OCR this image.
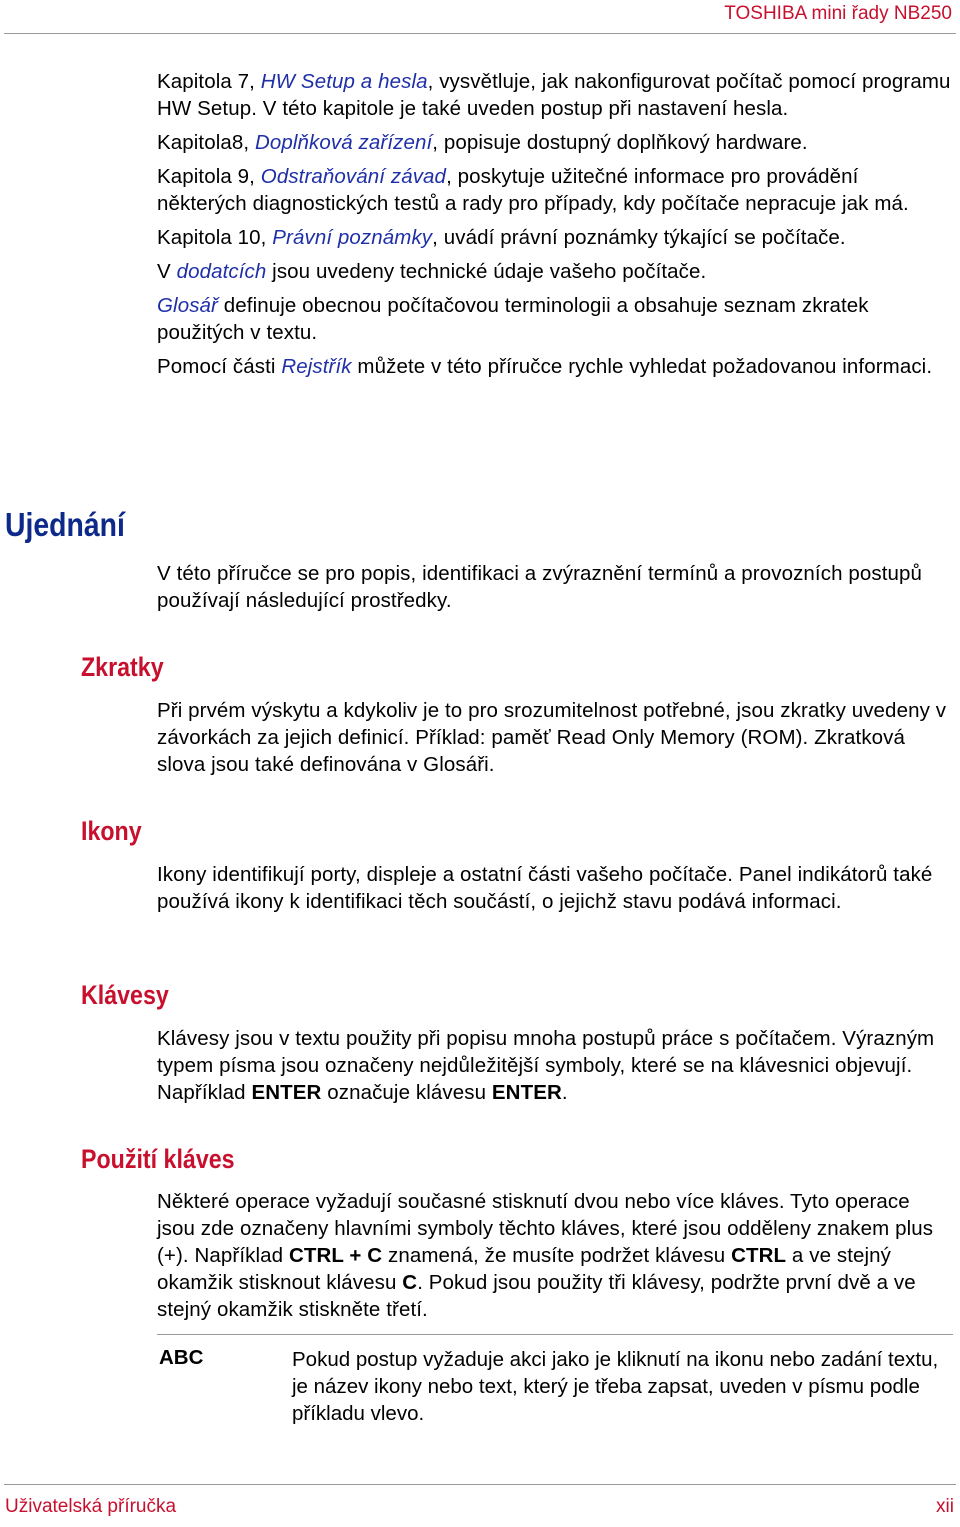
TOSHIBA mini řady NB250

Kapitola 7, HW Setup a hesla, vysvětluje, jak nakonfigurovat počítač pomocí programu HW Setup. V této kapitole je také uveden postup při nastavení hesla.

Kapitola8, Doplňková zařízení, popisuje dostupný doplňkový hardware.

Kapitola 9, Odstraňování závad, poskytuje užitečné informace pro provádění některých diagnostických testů a rady pro případy, kdy počítače nepracuje jak má.

Kapitola 10, Právní poznámky, uvádí právní poznámky týkající se počítače.

V dodatcích jsou uvedeny technické údaje vašeho počítače.

Glosář definuje obecnou počítačovou terminologii a obsahuje seznam zkratek použitých v textu.

Pomocí části Rejstřík můžete v této příručce rychle vyhledat požadovanou informaci.

Ujednání

V této příručce se pro popis, identifikaci a zvýraznění termínů a provozních postupů používají následující prostředky.

Zkratky

Při prvém výskytu a kdykoliv je to pro srozumitelnost potřebné, jsou zkratky uvedeny v závorkách za jejich definicí. Příklad: paměť Read Only Memory (ROM). Zkratková slova jsou také definována v Glosáři.

Ikony

Ikony identifikují porty, displeje a ostatní části vašeho počítače. Panel indikátorů také používá ikony k identifikaci těch součástí, o jejichž stavu podává informaci.

Klávesy

Klávesy jsou v textu použity při popisu mnoha postupů práce s počítačem. Výrazným typem písma jsou označeny nejdůležitější symboly, které se na klávesnici objevují. Například ENTER označuje klávesu ENTER.

Použití kláves

Některé operace vyžadují současné stisknutí dvou nebo více kláves. Tyto operace jsou zde označeny hlavními symboly těchto kláves, které jsou odděleny znakem plus (+). Například CTRL + C znamená, že musíte podržet klávesu CTRL a ve stejný okamžik stisknout klávesu C. Pokud jsou použity tři klávesy, podržte první dvě a ve stejný okamžik stiskněte třetí.

ABC	Pokud postup vyžaduje akci jako je kliknutí na ikonu nebo zadání textu, je název ikony nebo text, který je třeba zapsat, uveden v písmu podle příkladu vlevo.
Uživatelská příručka	xii
